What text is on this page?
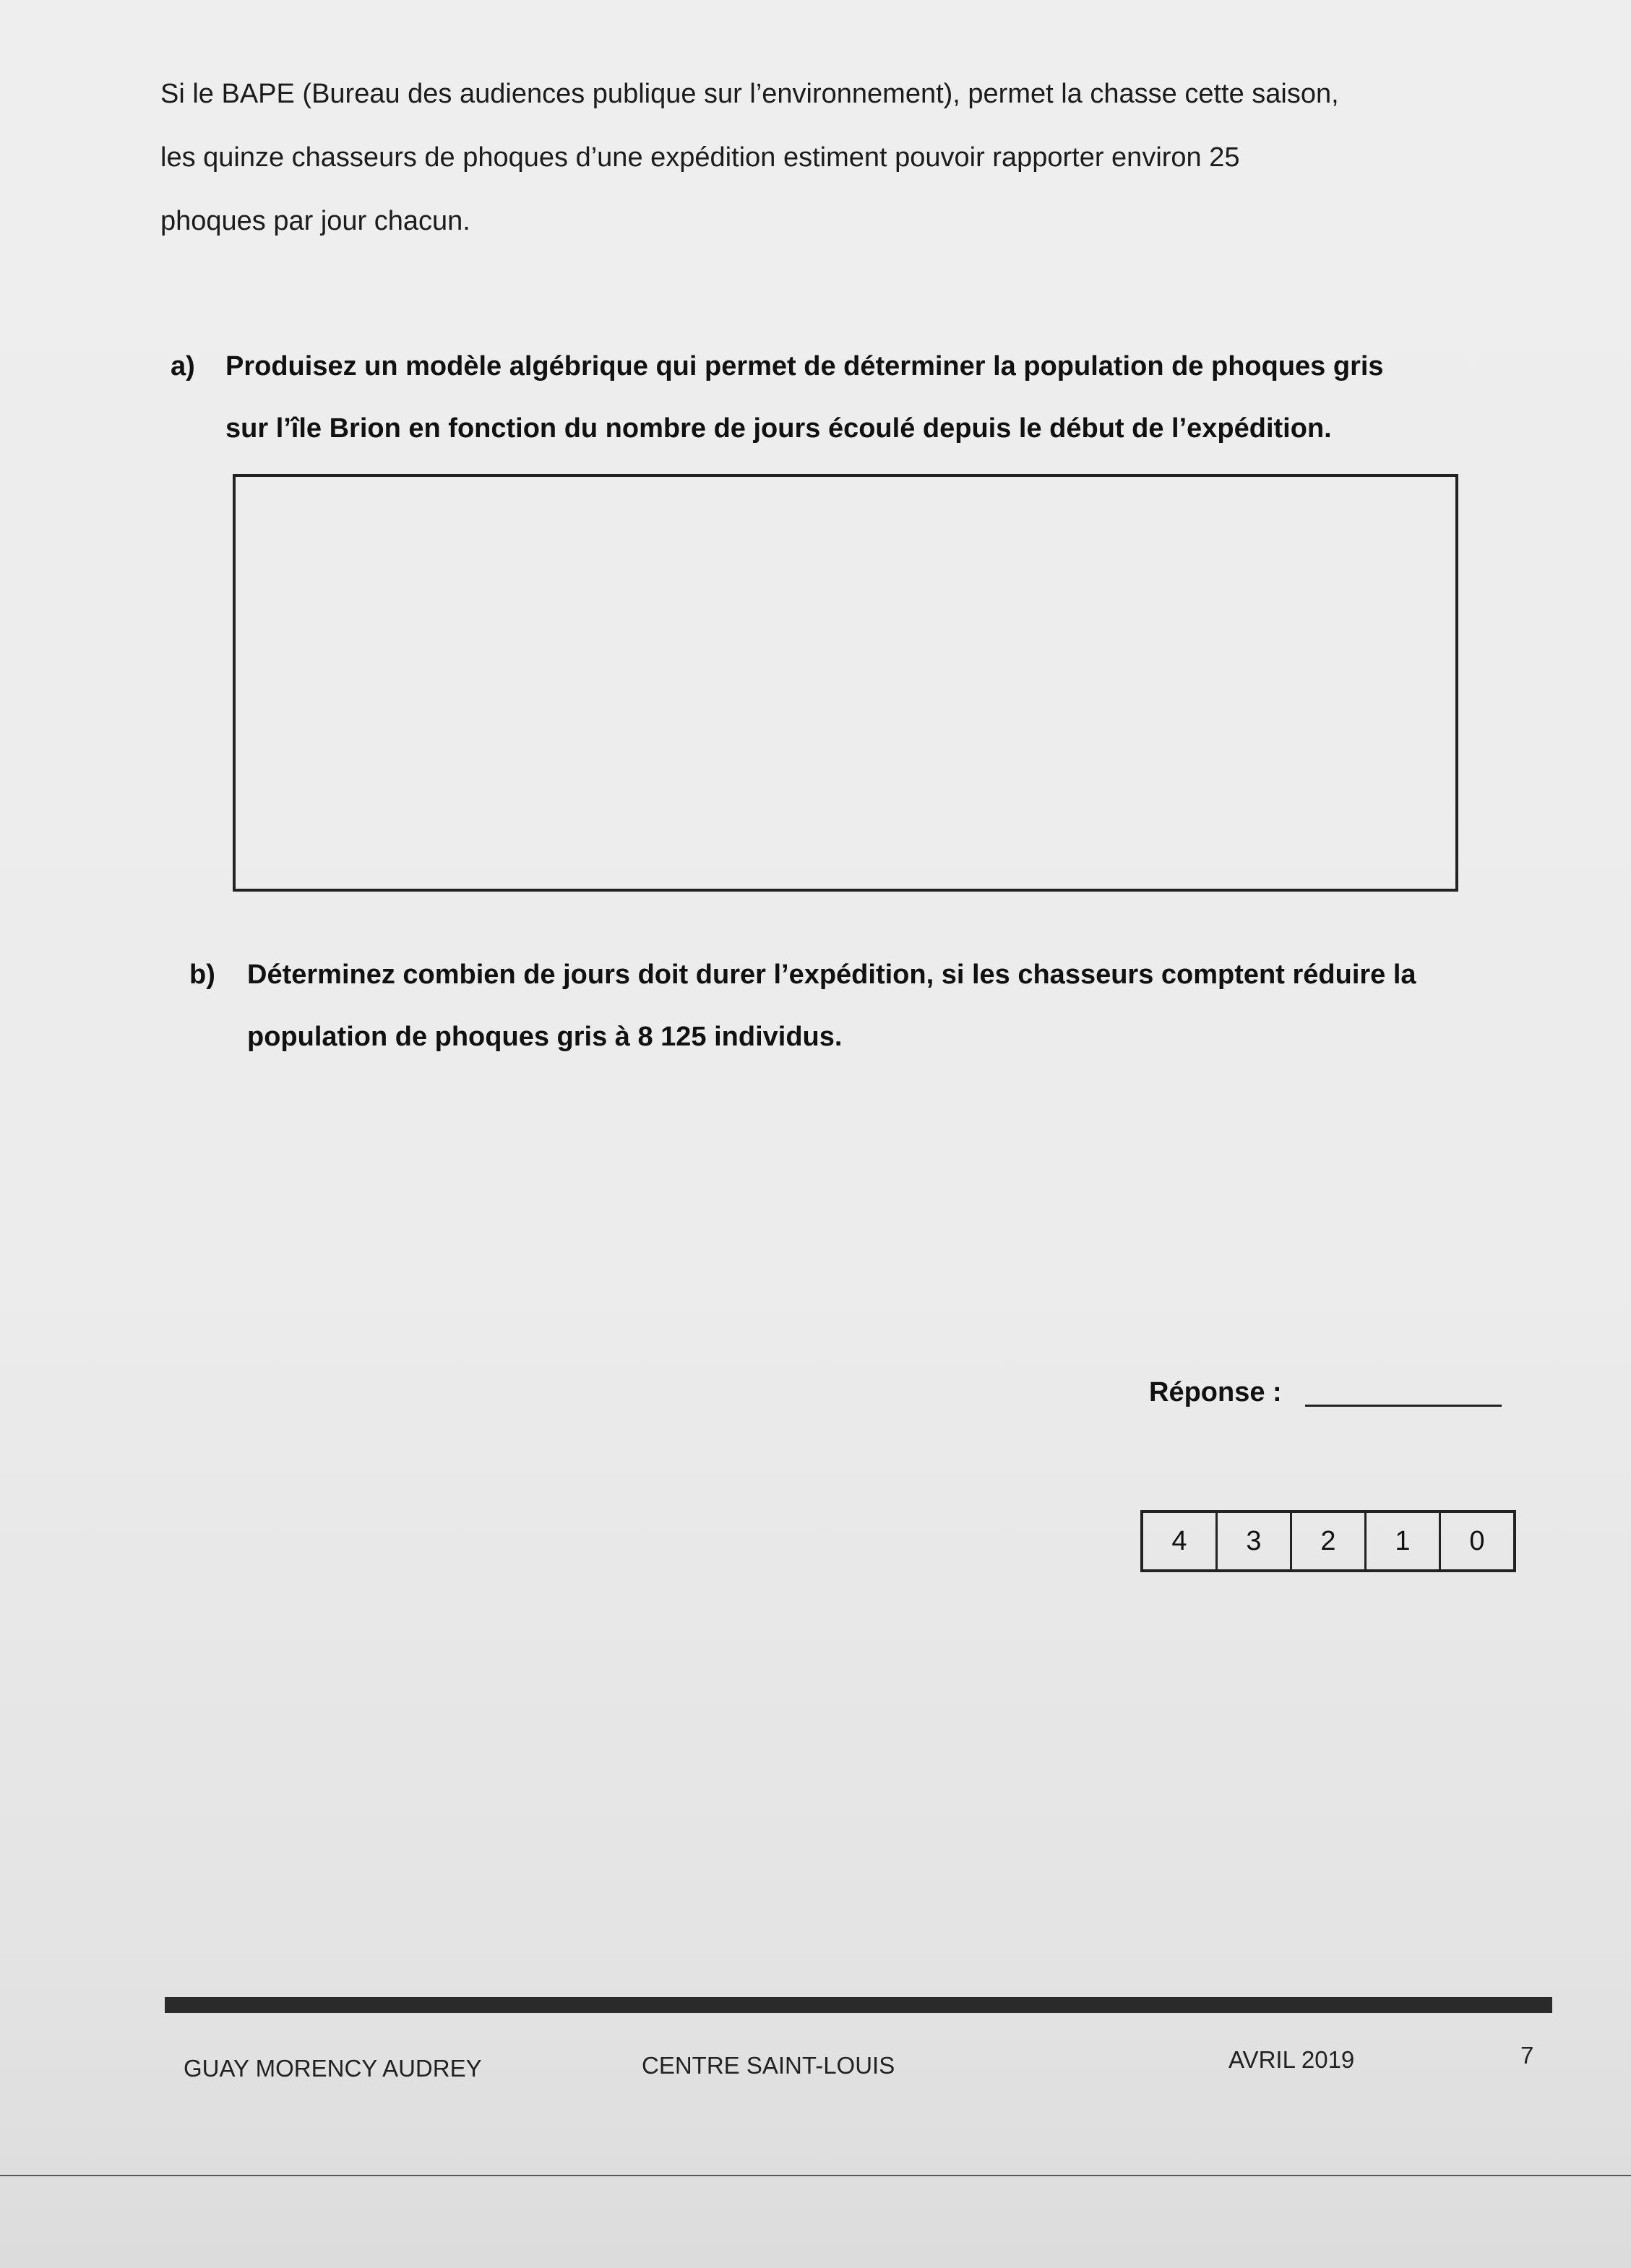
Si le BAPE (Bureau des audiences publique sur l’environnement), permet la chasse cette saison,
les quinze chasseurs de phoques d’une expédition estiment pouvoir rapporter environ 25
phoques par jour chacun.
a) Produisez un modèle algébrique qui permet de déterminer la population de phoques gris

sur l’île Brion en fonction du nombre de jours écoulé depuis le début de l’expédition.

b) Déterminez combien de jours doit durer l’expédition, si les chasseurs comptent réduire la

population de phoques gris à 8 125 individus.

Réponse :
4	3	2	1	0
GUAY MORENCY AUDREY	CENTRE SAINT-LOUIS	AVRIL 2019	7
